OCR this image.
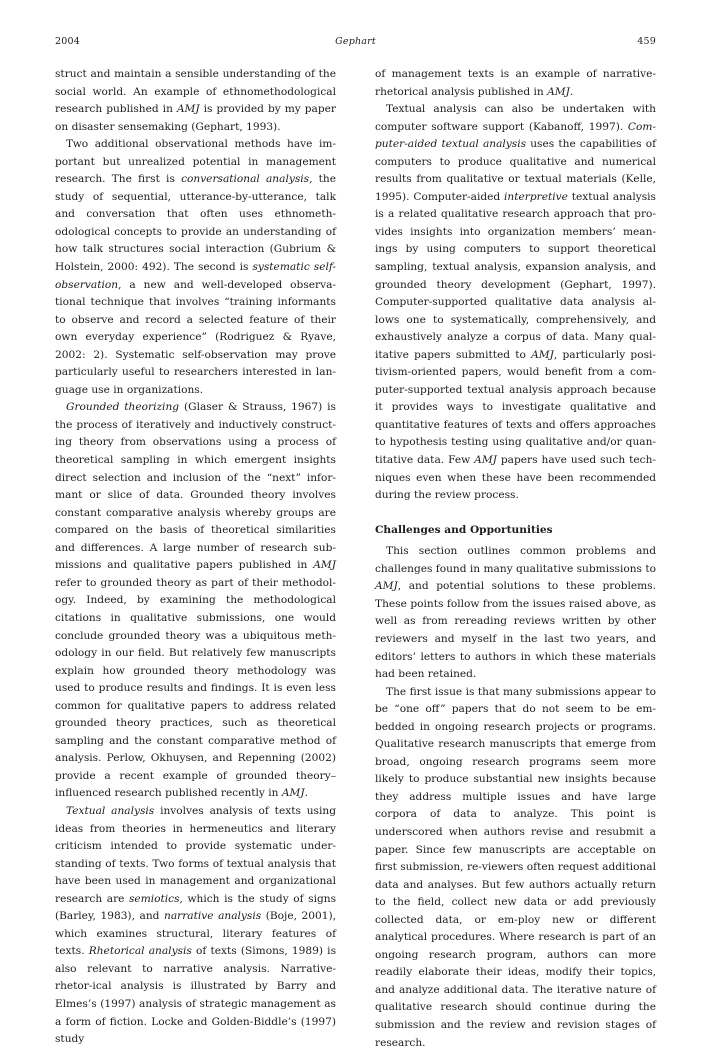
2004	Gephart	459

struct and maintain a sensible understanding of the social world. An example of ethnomethodological research published in AMJ is provided by my paper on disaster sensemaking (Gephart, 1993).

Two additional observational methods have im-portant but unrealized potential in management research. The first is conversational analysis, the study of sequential, utterance-by-utterance, talk and conversation that often uses ethnometh-odological concepts to provide an understanding of how talk structures social interaction (Gubrium & Holstein, 2000: 492). The second is systematic self-observation, a new and well-developed observa-tional technique that involves “training informants to observe and record a selected feature of their own everyday experience” (Rodriguez & Ryave, 2002: 2). Systematic self-observation may prove particularly useful to researchers interested in lan-guage use in organizations.

Grounded theorizing (Glaser & Strauss, 1967) is the process of iteratively and inductively construct-ing theory from observations using a process of theoretical sampling in which emergent insights direct selection and inclusion of the “next” infor-mant or slice of data. Grounded theory involves constant comparative analysis whereby groups are compared on the basis of theoretical similarities and differences. A large number of research sub-missions and qualitative papers published in AMJ refer to grounded theory as part of their methodol-ogy. Indeed, by examining the methodological citations in qualitative submissions, one would conclude grounded theory was a ubiquitous meth-odology in our field. But relatively few manuscripts explain how grounded theory methodology was used to produce results and findings. It is even less common for qualitative papers to address related grounded theory practices, such as theoretical sampling and the constant comparative method of analysis. Perlow, Okhuysen, and Repenning (2002) provide a recent example of grounded theory–influenced research published recently in AMJ.

Textual analysis involves analysis of texts using ideas from theories in hermeneutics and literary criticism intended to provide systematic under-standing of texts. Two forms of textual analysis that have been used in management and organizational research are semiotics, which is the study of signs (Barley, 1983), and narrative analysis (Boje, 2001), which examines structural, literary features of texts. Rhetorical analysis of texts (Simons, 1989) is also relevant to narrative analysis. Narrative-rhetor-ical analysis is illustrated by Barry and Elmes’s (1997) analysis of strategic management as a form of fiction. Locke and Golden-Biddle’s (1997) study

of management texts is an example of narrative-rhetorical analysis published in AMJ.

Textual analysis can also be undertaken with computer software support (Kabanoff, 1997). Com-puter-aided textual analysis uses the capabilities of computers to produce qualitative and numerical results from qualitative or textual materials (Kelle, 1995). Computer-aided interpretive textual analysis is a related qualitative research approach that pro-vides insights into organization members’ mean-ings by using computers to support theoretical sampling, textual analysis, expansion analysis, and grounded theory development (Gephart, 1997). Computer-supported qualitative data analysis al-lows one to systematically, comprehensively, and exhaustively analyze a corpus of data. Many qual-itative papers submitted to AMJ, particularly posi-tivism-oriented papers, would benefit from a com-puter-supported textual analysis approach because it provides ways to investigate qualitative and quantitative features of texts and offers approaches to hypothesis testing using qualitative and/or quan-titative data. Few AMJ papers have used such tech-niques even when these have been recommended during the review process.

Challenges and Opportunities

This section outlines common problems and challenges found in many qualitative submissions to AMJ, and potential solutions to these problems. These points follow from the issues raised above, as well as from rereading reviews written by other reviewers and myself in the last two years, and editors’ letters to authors in which these materials had been retained.

The first issue is that many submissions appear to be “one off” papers that do not seem to be em-bedded in ongoing research projects or programs. Qualitative research manuscripts that emerge from broad, ongoing research programs seem more likely to produce substantial new insights because they address multiple issues and have large corpora of data to analyze. This point is underscored when authors revise and resubmit a paper. Since few manuscripts are acceptable on first submission, re-viewers often request additional data and analyses. But few authors actually return to the field, collect new data or add previously collected data, or em-ploy new or different analytical procedures. Where research is part of an ongoing research program, authors can more readily elaborate their ideas, modify their topics, and analyze additional data. The iterative nature of qualitative research should continue during the submission and the review and revision stages of research.
